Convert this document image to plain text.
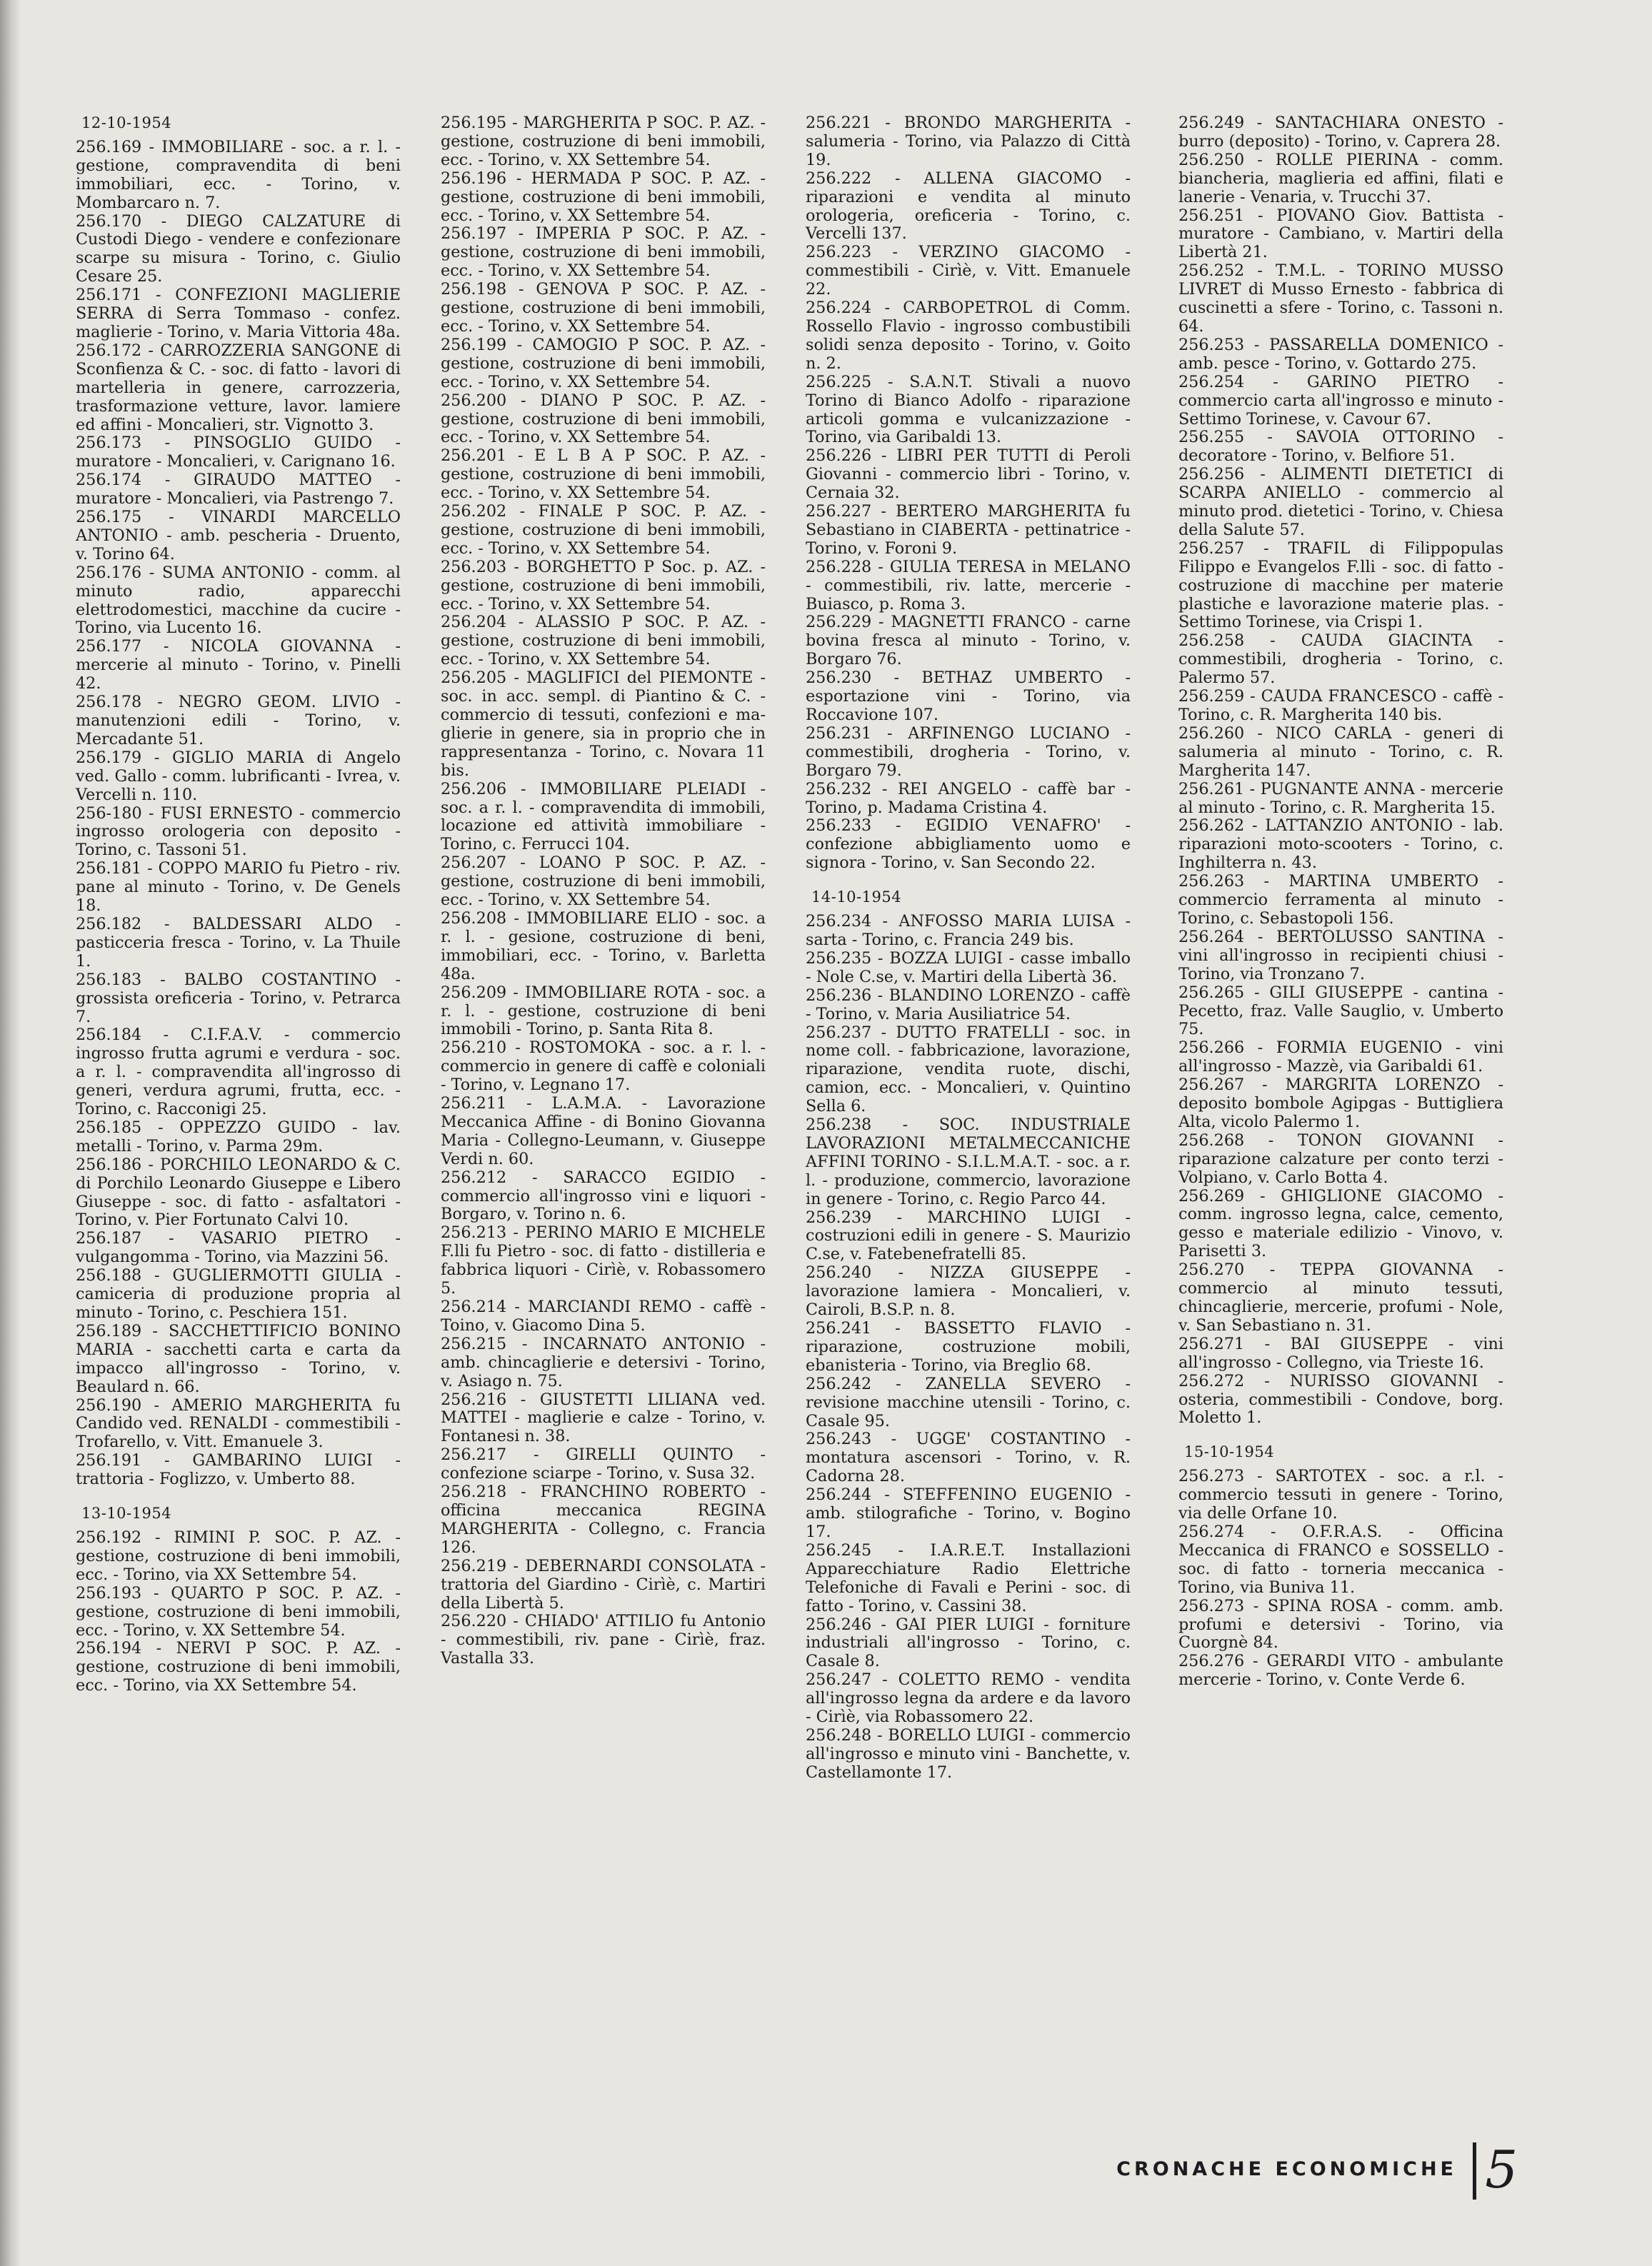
12-10-1954
256.169 - IMMOBILIARE - soc. a r. l. - gestione, compravendita di beni immobiliari, ecc. - Torino, v. Mombarcaro n. 7.
256.170 - DIEGO CALZATURE di Custodi Diego - vendere e confezionare scarpe su misura - Torino, c. Giulio Cesare 25.
256.171 - CONFEZIONI MAGLIERIE SERRA di Serra Tommaso - confez. maglierie - Torino, v. Maria Vittoria 48a.
256.172 - CARROZZERIA SANGONE di Sconfienza & C. - soc. di fatto - lavori di martelleria in genere, carrozzeria, trasformazione vetture, lavor. lamiere ed affini - Moncalieri, str. Vignotto 3.
256.173 - PINSOGLIO GUIDO - muratore - Moncalieri, v. Carignano 16.
256.174 - GIRAUDO MATTEO - muratore - Moncalieri, via Pastrengo 7.
256.175 - VINARDI MARCELLO ANTONIO - amb. pescheria - Druento, v. Torino 64.
256.176 - SUMA ANTONIO - comm. al minuto radio, apparecchi elettrodomestici, macchine da cucire - Torino, via Lucento 16.
256.177 - NICOLA GIOVANNA - mercerie al minuto - Torino, v. Pinelli 42.
256.178 - NEGRO GEOM. LIVIO - manutenzioni edili - Torino, v. Mercadante 51.
256.179 - GIGLIO MARIA di Angelo ved. Gallo - comm. lubrificanti - Ivrea, v. Vercelli n. 110.
256-180 - FUSI ERNESTO - commercio ingrosso orologeria con deposito - Torino, c. Tassoni 51.
256.181 - COPPO MARIO fu Pietro - riv. pane al minuto - Torino, v. De Genels 18.
256.182 - BALDESSARI ALDO - pasticceria fresca - Torino, v. La Thuile 1.
256.183 - BALBO COSTANTINO - grossista oreficeria - Torino, v. Petrarca 7.
256.184 - C.I.F.A.V. - commercio ingrosso frutta agrumi e verdura - soc. a r. l. - compravendita all'ingrosso di generi, verdura agrumi, frutta, ecc. - Torino, c. Racconigi 25.
256.185 - OPPEZZO GUIDO - lav. metalli - Torino, v. Parma 29m.
256.186 - PORCHILO LEONARDO & C. di Porchilo Leonardo Giuseppe e Libero Giuseppe - soc. di fatto - asfaltatori - Torino, v. Pier Fortunato Calvi 10.
256.187 - VASARIO PIETRO - vulgangomma - Torino, via Mazzini 56.
256.188 - GUGLIERMOTTI GIULIA - camiceria di produzione propria al minuto - Torino, c. Peschiera 151.
256.189 - SACCHETTIFICIO BONINO MARIA - sacchetti carta e carta da impacco all'ingrosso - Torino, v. Beaulard n. 66.
256.190 - AMERIO MARGHERITA fu Candido ved. RENALDI - commestibili - Trofarello, v. Vitt. Emanuele 3.
256.191 - GAMBARINO LUIGI - trattoria - Foglizzo, v. Umberto 88.
13-10-1954
256.192 - RIMINI P. SOC. P. AZ. - gestione, costruzione di beni immobili, ecc. - Torino, via XX Settembre 54.
256.193 - QUARTO P SOC. P. AZ. - gestione, costruzione di beni immobili, ecc. - Torino, v. XX Settembre 54.
256.194 - NERVI P SOC. P. AZ. - gestione, costruzione di beni immobili, ecc. - Torino, via XX Settembre 54.
256.195 - MARGHERITA P SOC. P. AZ. - gestione, costruzione di beni immobili, ecc. - Torino, v. XX Settembre 54.
256.196 - HERMADA P SOC. P. AZ. - gestione, costruzione di beni immobili, ecc. - Torino, v. XX Settembre 54.
256.197 - IMPERIA P SOC. P. AZ. - gestione, costruzione di beni immobili, ecc. - Torino, v. XX Settembre 54.
256.198 - GENOVA P SOC. P. AZ. - gestione, costruzione di beni immobili, ecc. - Torino, v. XX Settembre 54.
256.199 - CAMOGIO P SOC. P. AZ. - gestione, costruzione di beni immobili, ecc. - Torino, v. XX Settembre 54.
256.200 - DIANO P SOC. P. AZ. - gestione, costruzione di beni immobili, ecc. - Torino, v. XX Settembre 54.
256.201 - E L B A P SOC. P. AZ. - gestione, costruzione di beni immobili, ecc. - Torino, v. XX Settembre 54.
256.202 - FINALE P SOC. P. AZ. - gestione, costruzione di beni immobili, ecc. - Torino, v. XX Settembre 54.
256.203 - BORGHETTO P Soc. p. AZ. - gestione, costruzione di beni immobili, ecc. - Torino, v. XX Settembre 54.
256.204 - ALASSIO P SOC. P. AZ. - gestione, costruzione di beni immobili, ecc. - Torino, v. XX Settembre 54.
256.205 - MAGLIFICI del PIEMONTE - soc. in acc. sempl. di Piantino & C. - commercio di tessuti, confezioni e maglierie in genere, sia in proprio che in rappresentanza - Torino, c. Novara 11 bis.
256.206 - IMMOBILIARE PLEIADI - soc. a r. l. - compravendita di immobili, locazione ed attività immobiliare - Torino, c. Ferrucci 104.
256.207 - LOANO P SOC. P. AZ. - gestione, costruzione di beni immobili, ecc. - Torino, v. XX Settembre 54.
256.208 - IMMOBILIARE ELIO - soc. a r. l. - gesione, costruzione di beni, immobiliari, ecc. - Torino, v. Barletta 48a.
256.209 - IMMOBILIARE ROTA - soc. a r. l. - gestione, costruzione di beni immobili - Torino, p. Santa Rita 8.
256.210 - ROSTOMOKA - soc. a r. l. - commercio in genere di caffè e coloniali - Torino, v. Legnano 17.
256.211 - L.A.M.A. - Lavorazione Meccanica Affine - di Bonino Giovanna Maria - Collegno-Leumann, v. Giuseppe Verdi n. 60.
256.212 - SARACCO EGIDIO - commercio all'ingrosso vini e liquori - Borgaro, v. Torino n. 6.
256.213 - PERINO MARIO E MICHELE F.lli fu Pietro - soc. di fatto - distilleria e fabbrica liquori - Cirìè, v. Robassomero 5.
256.214 - MARCIANDI REMO - caffè - Toino, v. Giacomo Dina 5.
256.215 - INCARNATO ANTONIO - amb. chincaglierie e detersivi - Torino, v. Asiago n. 75.
256.216 - GIUSTETTI LILIANA ved. MATTEI - maglierie e calze - Torino, v. Fontanesi n. 38.
256.217 - GIRELLI QUINTO - confezione sciarpe - Torino, v. Susa 32.
256.218 - FRANCHINO ROBERTO - officina meccanica REGINA MARGHERITA - Collegno, c. Francia 126.
256.219 - DEBERNARDI CONSOLATA - trattoria del Giardino - Cirìè, c. Martiri della Libertà 5.
256.220 - CHIADO' ATTILIO fu Antonio - commestibili, riv. pane - Cirìè, fraz. Vastalla 33.
256.221 - BRONDO MARGHERITA - salumeria - Torino, via Palazzo di Città 19.
256.222 - ALLENA GIACOMO - riparazioni e vendita al minuto orologeria, oreficeria - Torino, c. Vercelli 137.
256.223 - VERZINO GIACOMO - commestibili - Cirìè, v. Vitt. Emanuele 22.
256.224 - CARBOPETROL di Comm. Rossello Flavio - ingrosso combustibili solidi senza deposito - Torino, v. Goito n. 2.
256.225 - S.A.N.T. Stivali a nuovo Torino di Bianco Adolfo - riparazione articoli gomma e vulcanizzazione - Torino, via Garibaldi 13.
256.226 - LIBRI PER TUTTI di Peroli Giovanni - commercio libri - Torino, v. Cernaia 32.
256.227 - BERTERO MARGHERITA fu Sebastiano in CIABERTA - pettinatrice - Torino, v. Foroni 9.
256.228 - GIULIA TERESA in MELANO - commestibili, riv. latte, mercerie - Buiasco, p. Roma 3.
256.229 - MAGNETTI FRANCO - carne bovina fresca al minuto - Torino, v. Borgaro 76.
256.230 - BETHAZ UMBERTO - esportazione vini - Torino, via Roccavione 107.
256.231 - ARFINENGO LUCIANO - commestibili, drogheria - Torino, v. Borgaro 79.
256.232 - REI ANGELO - caffè bar - Torino, p. Madama Cristina 4.
256.233 - EGIDIO VENAFRO' - confezione abbigliamento uomo e signora - Torino, v. San Secondo 22.
14-10-1954
256.234 - ANFOSSO MARIA LUISA - sarta - Torino, c. Francia 249 bis.
256.235 - BOZZA LUIGI - casse imballo - Nole C.se, v. Martiri della Libertà 36.
256.236 - BLANDINO LORENZO - caffè - Torino, v. Maria Ausiliatrice 54.
256.237 - DUTTO FRATELLI - soc. in nome coll. - fabbricazione, lavorazione, riparazione, vendita ruote, dischi, camion, ecc. - Moncalieri, v. Quintino Sella 6.
256.238 - SOC. INDUSTRIALE LAVORAZIONI METALMECCANICHE AFFINI TORINO - S.I.L.M.A.T. - soc. a r. l. - produzione, commercio, lavorazione in genere - Torino, c. Regio Parco 44.
256.239 - MARCHINO LUIGI - costruzioni edili in genere - S. Maurizio C.se, v. Fatebenefratelli 85.
256.240 - NIZZA GIUSEPPE - lavorazione lamiera - Moncalieri, v. Cairoli, B.S.P. n. 8.
256.241 - BASSETTO FLAVIO - riparazione, costruzione mobili, ebanisteria - Torino, via Breglio 68.
256.242 - ZANELLA SEVERO - revisione macchine utensili - Torino, c. Casale 95.
256.243 - UGGE' COSTANTINO - montatura ascensori - Torino, v. R. Cadorna 28.
256.244 - STEFFENINO EUGENIO - amb. stilografiche - Torino, v. Bogino 17.
256.245 - I.A.R.E.T. Installazioni Apparecchiature Radio Elettriche Telefoniche di Favali e Perini - soc. di fatto - Torino, v. Cassini 38.
256.246 - GAI PIER LUIGI - forniture industriali all'ingrosso - Torino, c. Casale 8.
256.247 - COLETTO REMO - vendita all'ingrosso legna da ardere e da lavoro - Cirìè, via Robassomero 22.
256.248 - BORELLO LUIGI - commercio all'ingrosso e minuto vini - Banchette, v. Castellamonte 17.
256.249 - SANTACHIARA ONESTO - burro (deposito) - Torino, v. Caprera 28.
256.250 - ROLLE PIERINA - comm. biancheria, maglieria ed affini, filati e lanerie - Venaria, v. Trucchi 37.
256.251 - PIOVANO Giov. Battista - muratore - Cambiano, v. Martiri della Libertà 21.
256.252 - T.M.L. - TORINO MUSSO LIVRET di Musso Ernesto - fabbrica di cuscinetti a sfere - Torino, c. Tassoni n. 64.
256.253 - PASSARELLA DOMENICO - amb. pesce - Torino, v. Gottardo 275.
256.254 - GARINO PIETRO - commercio carta all'ingrosso e minuto - Settimo Torinese, v. Cavour 67.
256.255 - SAVOIA OTTORINO - decoratore - Torino, v. Belfiore 51.
256.256 - ALIMENTI DIETETICI di SCARPA ANIELLO - commercio al minuto prod. dietetici - Torino, v. Chiesa della Salute 57.
256.257 - TRAFIL di Filippopulas Filippo e Evangelos F.lli - soc. di fatto - costruzione di macchine per materie plastiche e lavorazione materie plas. - Settimo Torinese, via Crispi 1.
256.258 - CAUDA GIACINTA - commestibili, drogheria - Torino, c. Palermo 57.
256.259 - CAUDA FRANCESCO - caffè - Torino, c. R. Margherita 140 bis.
256.260 - NICO CARLA - generi di salumeria al minuto - Torino, c. R. Margherita 147.
256.261 - PUGNANTE ANNA - mercerie al minuto - Torino, c. R. Margherita 15.
256.262 - LATTANZIO ANTONIO - lab. riparazioni moto-scooters - Torino, c. Inghilterra n. 43.
256.263 - MARTINA UMBERTO - commercio ferramenta al minuto - Torino, c. Sebastopoli 156.
256.264 - BERTOLUSSO SANTINA - vini all'ingrosso in recipienti chiusi - Torino, via Tronzano 7.
256.265 - GILI GIUSEPPE - cantina - Pecetto, fraz. Valle Sauglio, v. Umberto 75.
256.266 - FORMIA EUGENIO - vini all'ingrosso - Mazzè, via Garibaldi 61.
256.267 - MARGRITA LORENZO - deposito bombole Agipgas - Buttigliera Alta, vicolo Palermo 1.
256.268 - TONON GIOVANNI - riparazione calzature per conto terzi - Volpiano, v. Carlo Botta 4.
256.269 - GHIGLIONE GIACOMO - comm. ingrosso legna, calce, cemento, gesso e materiale edilizio - Vinovo, v. Parisetti 3.
256.270 - TEPPA GIOVANNA - commercio al minuto tessuti, chincaglierie, mercerie, profumi - Nole, v. San Sebastiano n. 31.
256.271 - BAI GIUSEPPE - vini all'ingrosso - Collegno, via Trieste 16.
256.272 - NURISSO GIOVANNI - osteria, commestibili - Condove, borg. Moletto 1.
15-10-1954
256.273 - SARTOTEX - soc. a r.l. - commercio tessuti in genere - Torino, via delle Orfane 10.
256.274 - O.F.R.A.S. - Officina Meccanica di FRANCO e SOSSELLO - soc. di fatto - torneria meccanica - Torino, via Buniva 11.
256.273 - SPINA ROSA - comm. amb. profumi e detersivi - Torino, via Cuorgnè 84.
256.276 - GERARDI VITO - ambulante mercerie - Torino, v. Conte Verde 6.
CRONACHE ECONOMICHE 5
